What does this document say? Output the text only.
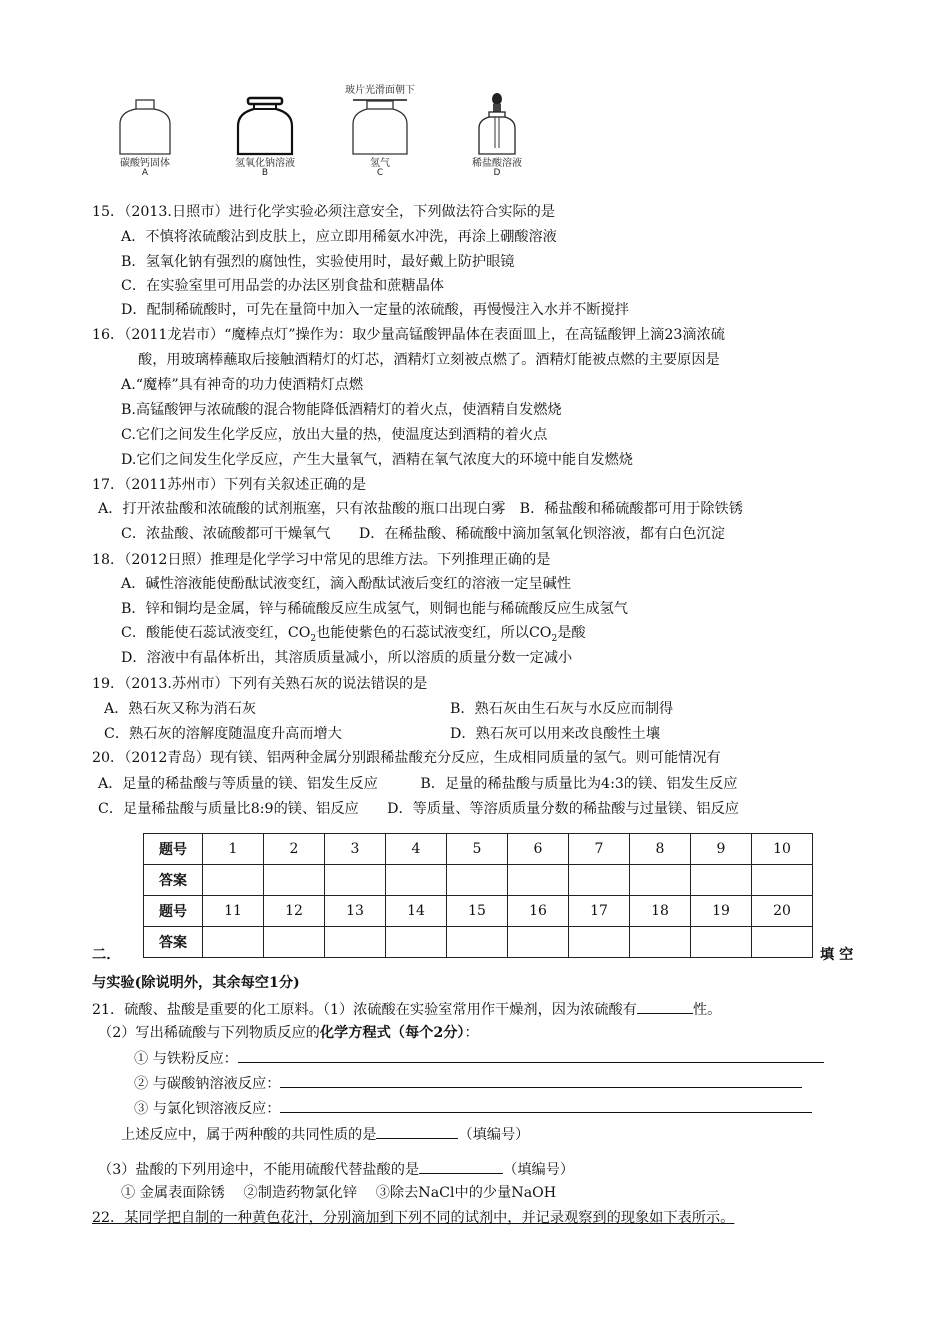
碳酸钙固体
A
氢氧化钠溶液
B
玻片光滑面朝下
氢气
C
稀盐酸溶液
D
15．（2013.日照市）进行化学实验必须注意安全，下列做法符合实际的是
A．不慎将浓硫酸沾到皮肤上，应立即用稀氨水冲洗，再涂上硼酸溶液
B．氢氧化钠有强烈的腐蚀性，实验使用时，最好戴上防护眼镜
C．在实验室里可用品尝的办法区别食盐和蔗糖晶体
D．配制稀硫酸时，可先在量筒中加入一定量的浓硫酸，再慢慢注入水并不断搅拌
16．（2011龙岩市）“魔棒点灯”操作为：取少量高锰酸钾晶体在表面皿上，在高锰酸钾上滴23滴浓硫
酸，用玻璃棒蘸取后接触酒精灯的灯芯，酒精灯立刻被点燃了。酒精灯能被点燃的主要原因是
A.“魔棒”具有神奇的功力使酒精灯点燃
B.高锰酸钾与浓硫酸的混合物能降低酒精灯的着火点，使酒精自发燃烧
C.它们之间发生化学反应，放出大量的热，使温度达到酒精的着火点
D.它们之间发生化学反应，产生大量氧气，酒精在氧气浓度大的环境中能自发燃烧
17．（2011苏州市）下列有关叙述正确的是
A．打开浓盐酸和浓硫酸的试剂瓶塞，只有浓盐酸的瓶口出现白雾　B．稀盐酸和稀硫酸都可用于除铁锈
C．浓盐酸、浓硫酸都可干燥氧气　　D．在稀盐酸、稀硫酸中滴加氢氧化钡溶液，都有白色沉淀
18．（2012日照）推理是化学学习中常见的思维方法。下列推理正确的是
A．碱性溶液能使酚酞试液变红，滴入酚酞试液后变红的溶液一定呈碱性
B．锌和铜均是金属，锌与稀硫酸反应生成氢气，则铜也能与稀硫酸反应生成氢气
C．酸能使石蕊试液变红，$CO_2$也能使紫色的石蕊试液变红，所以$CO_2$是酸
D．溶液中有晶体析出，其溶质质量减小，所以溶质的质量分数一定减小
19．（2013.苏州市）下列有关熟石灰的说法错误的是
A．熟石灰又称为消石灰	B．熟石灰由生石灰与水反应而制得
C．熟石灰的溶解度随温度升高而增大	D．熟石灰可以用来改良酸性土壤
20．（2012青岛）现有镁、铝两种金属分别跟稀盐酸充分反应，生成相同质量的氢气。则可能情况有
A．足量的稀盐酸与等质量的镁、铝发生反应　　　B．足量的稀盐酸与质量比为4:3的镁、铝发生反应
C．足量稀盐酸与质量比8:9的镁、铝反应　　D．等质量、等溶质质量分数的稀盐酸与过量镁、铝反应
题号	1	2	3	4	5	6	7	8	9	10
答案										
题号	11	12	13	14	15	16	17	18	19	20
答案										
二．	填 空
与实验(除说明外，其余每空1分)
21．硫酸、盐酸是重要的化工原料。（1）浓硫酸在实验室常用作干燥剂，因为浓硫酸有	性。
（2）写出稀硫酸与下列物质反应的化学方程式（每个2分）：
① 与铁粉反应：
② 与碳酸钠溶液反应：
③ 与氯化钡溶液反应：
上述反应中，属于两种酸的共同性质的是	（填编号）
（3）盐酸的下列用途中，不能用硫酸代替盐酸的是	（填编号）
① 金属表面除锈　 ②制造药物氯化锌　 ③除去NaCl中的少量NaOH
22．某同学把自制的一种黄色花汁，分别滴加到下列不同的试剂中，并记录观察到的现象如下表所示。
